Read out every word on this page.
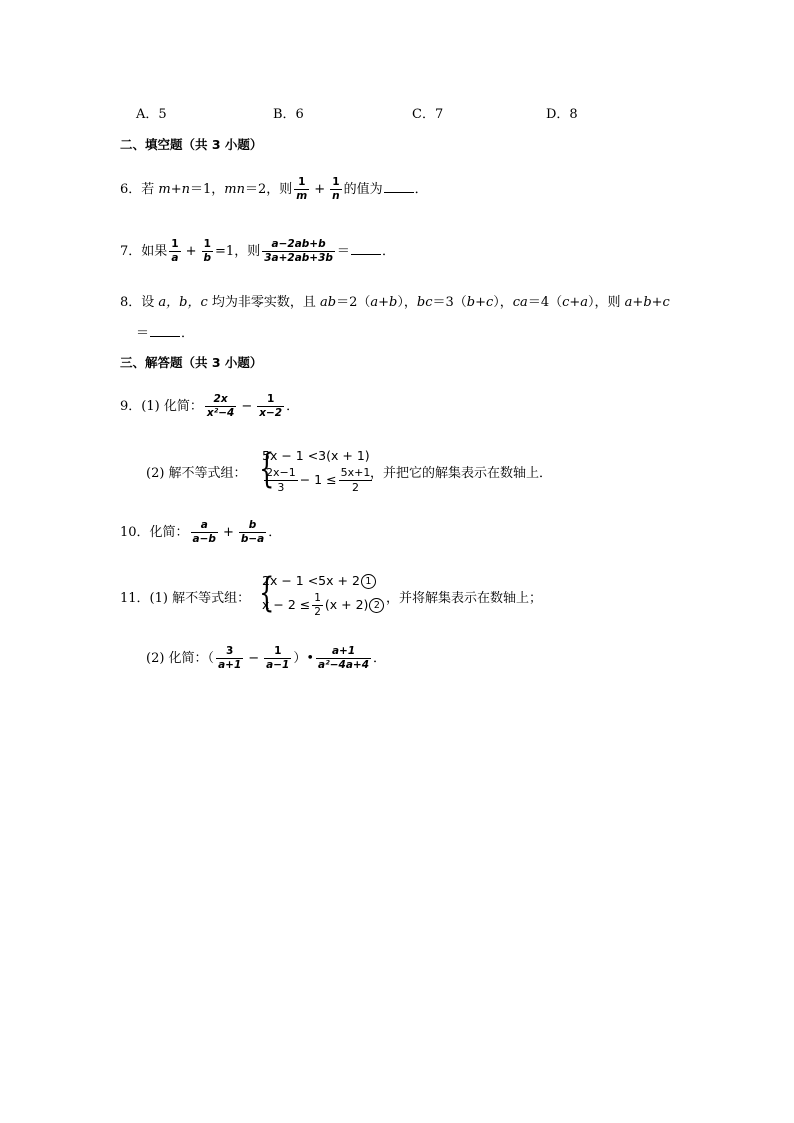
A．5	B．6	C．7	D．8
二、填空题（共 3 小题）
6．若 m+n＝1，mn＝2，则 $\frac{1}{m} + \frac{1}{n}$ 的值为 ．
7．如果 $\frac{1}{a} + \frac{1}{b} =1$，则 $\frac{a-2ab+b}{3a+2ab+3b}$ ＝ ．
8．设 a，b，c 均为非零实数，且 ab＝2（a+b），bc＝3（b+c），ca＝4（c+a），则 a+b+c
＝ ．
三、解答题（共 3 小题）
9．(1) 化简： $\frac{2x}{\text{x²−4}} - \frac{1}{x-2}$ ．
(2) 解不等式组： {
5x − 1 <3(x + 1)
$\frac{2x-1}{3} - 1 \le \frac{5x+1}{2}$
，并把它的解集表示在数轴上．
10．化简： $\frac{a}{a-b} + \frac{b}{b-a}$ ．
11．(1) 解不等式组： {
2x − 1 <5x + 2 1
$x - 2 \le \frac{1}{2} (x + 2)$ 2 ，并将解集表示在数轴上；
(2) 化简：（ $\frac{3}{a+1} - \frac{1}{a-1}$ ）• $\frac{a+1}{\text{a²−4a+4}}$ ．
